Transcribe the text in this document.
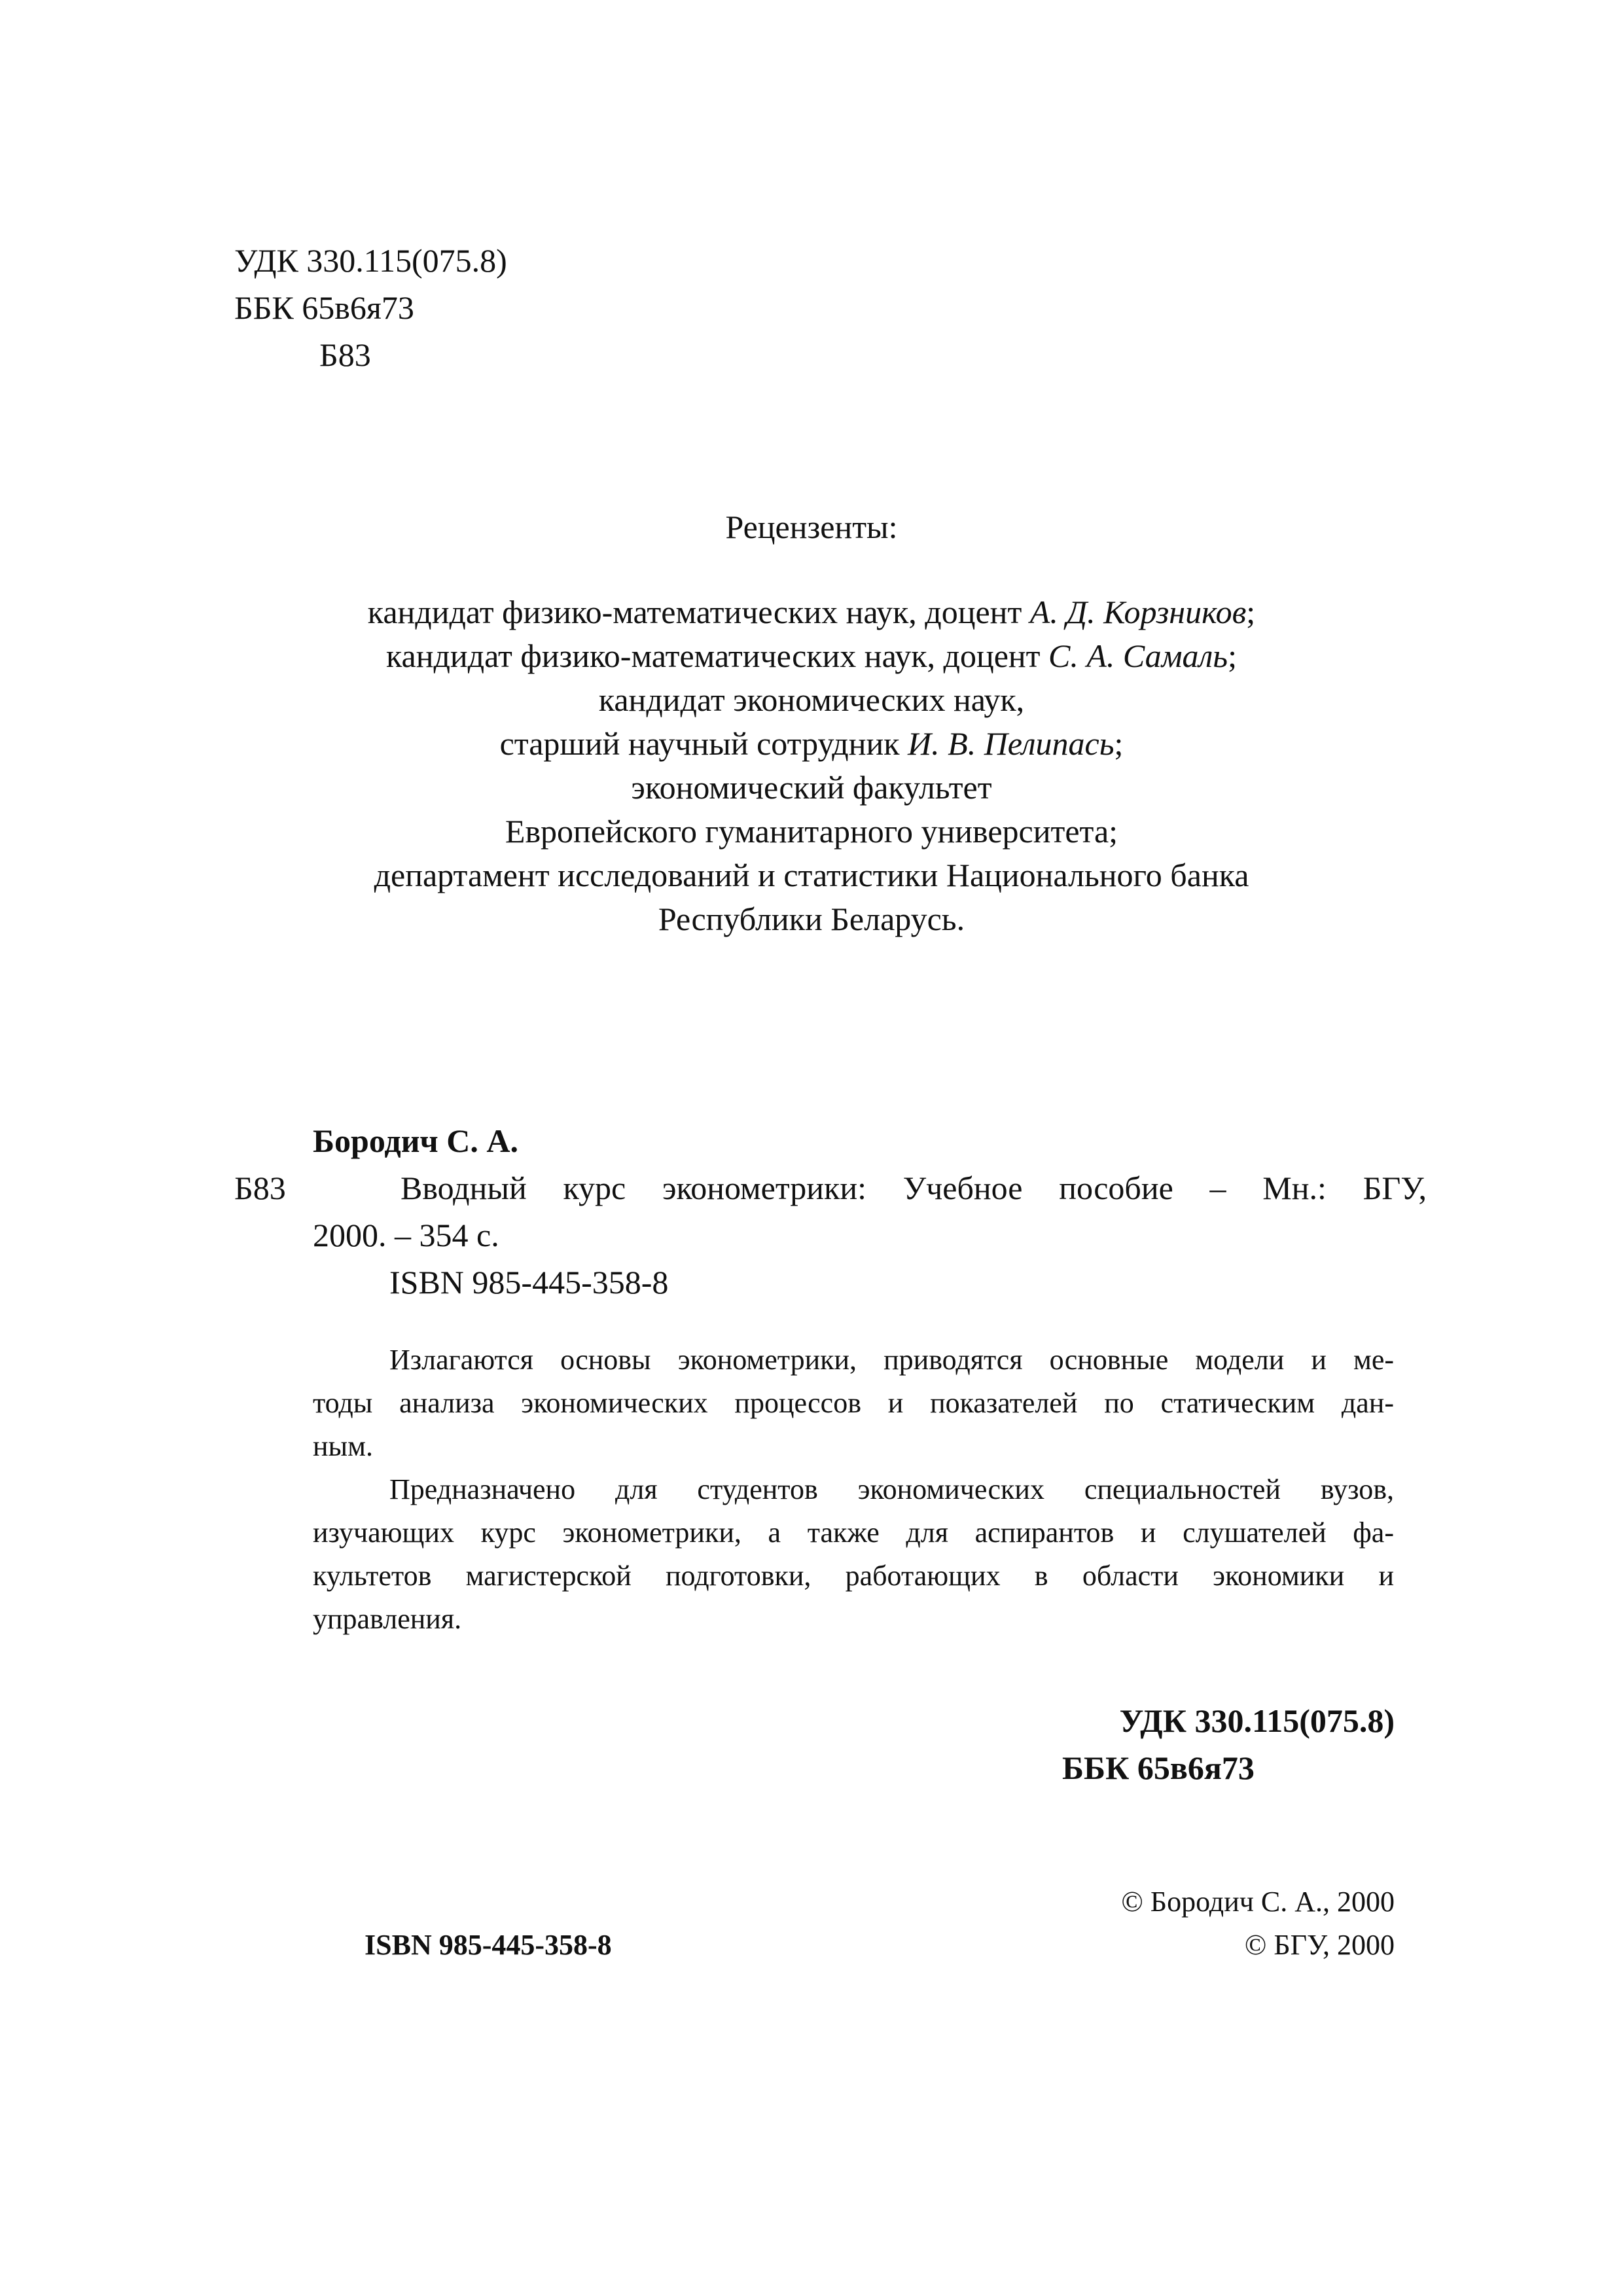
УДК 330.115(075.8)
ББК 65в6я73
Б83
Рецензенты:
кандидат физико-математических наук, доцент А. Д. Корзников;
кандидат физико-математических наук, доцент С. А. Самаль;
кандидат экономических наук,
старший научный сотрудник И. В. Пелипась;
экономический факультет
Европейского гуманитарного университета;
департамент исследований и статистики Национального банка
Республики Беларусь.
Бородич С. А.
Б83	Вводный курс эконометрики: Учебное пособие – Мн.: БГУ,
2000. – 354 с.
ISBN 985-445-358-8
Излагаются основы эконометрики, приводятся основные модели и ме-
тоды анализа экономических процессов и показателей по статическим дан-
ным.
Предназначено для студентов экономических специальностей вузов,
изучающих курс эконометрики, а также для аспирантов и слушателей фа-
культетов магистерской подготовки, работающих в области экономики и
управления.
УДК 330.115(075.8)
ББК 65в6я73
© Бородич С. А., 2000
© БГУ, 2000
ISBN 985-445-358-8
